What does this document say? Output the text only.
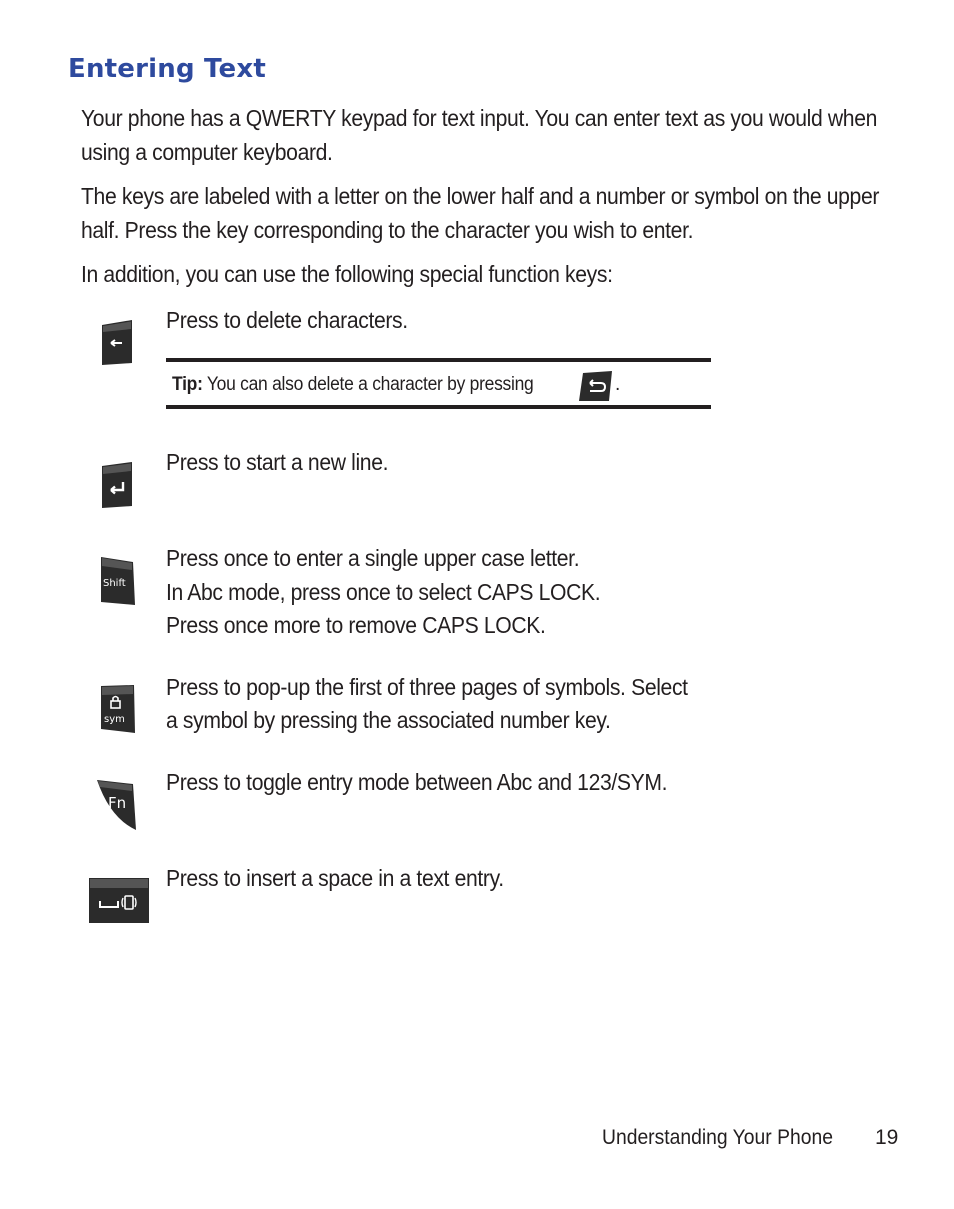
Entering Text

Your phone has a QWERTY keypad for text input. You can enter text as you would when using a computer keyboard.

The keys are labeled with a letter on the lower half and a number or symbol on the upper half. Press the key corresponding to the character you wish to enter.

In addition, you can use the following special function keys:

Press to delete characters.

Tip: You can also delete a character by pressing	.

Press to start a new line.

Shift

Press once to enter a single upper case letter.

In Abc mode, press once to select CAPS LOCK.

Press once more to remove CAPS LOCK.

sym

Press to pop-up the first of three pages of symbols. Select

a symbol by pressing the associated number key.

Fn

Press to toggle entry mode between Abc and 123/SYM.

Press to insert a space in a text entry.

Understanding Your Phone 19
